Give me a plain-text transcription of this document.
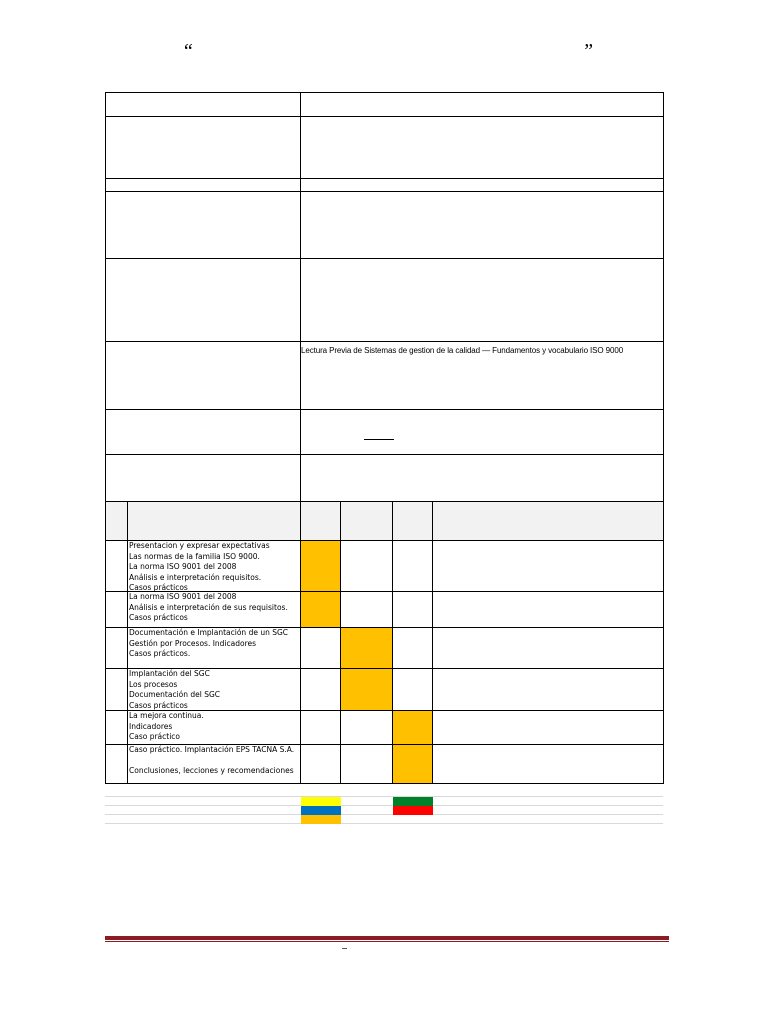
“	”

	Lectura Previa de Sistemas de gestion de la calidad — Fundamentos y vocabulario ISO 9000

	Presentacion y expresar expectativas
Las normas de la familia ISO 9000.
La norma ISO 9001 del 2008
Análisis e interpretación requisitos.
Casos prácticos				

	La norma ISO 9001 del 2008
Análisis e interpretación de sus requisitos.
Casos prácticos				

	Documentación e Implantación de un SGC
Gestión por Procesos. Indicadores
Casos prácticos.				

	Implantación del SGC
Los procesos
Documentación del SGC
Casos prácticos				

	La mejora continua.
Indicadores
Caso práctico				

	Caso práctico. Implantación EPS TACNA S.A.
Conclusiones, lecciones y recomendaciones				
